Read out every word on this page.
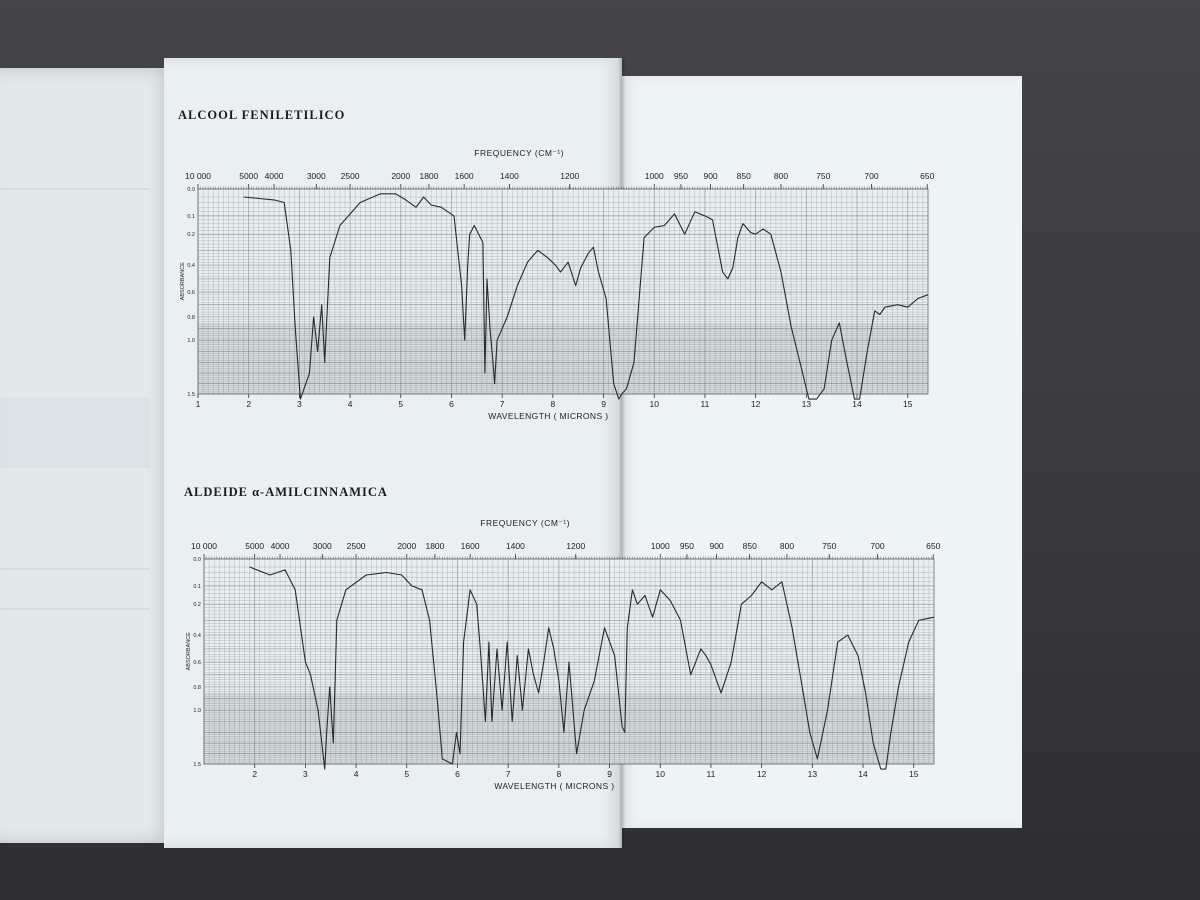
ALCOOL FENILETILICO
FREQUENCY (CM⁻¹)
10 000	5000 4000	3000 2500	2000 1800 1600	1400	1200	1000 950 900 850	800	750	700	650
1	2	3	4	5	6	7	8	9	10	11	12	13	14	15
WAVELENGTH ( MICRONS )
0.0
0.1
0.2
0.4
0.6
0.8
1.0
1.5
ABSORBANCE
ALDEIDE α-AMILCINNAMICA
FREQUENCY (CM⁻¹)
10 000	5000 4000	3000 2500	2000 1800 1600	1400	1200	1000 950 900 850	800	750	700	650
2	3	4	5	6	7	8	9	10	11	12	13	14	15
WAVELENGTH ( MICRONS )
0.0
0.1
0.2
0.4
0.6
0.8
1.0
1.5
ABSORBANCE
